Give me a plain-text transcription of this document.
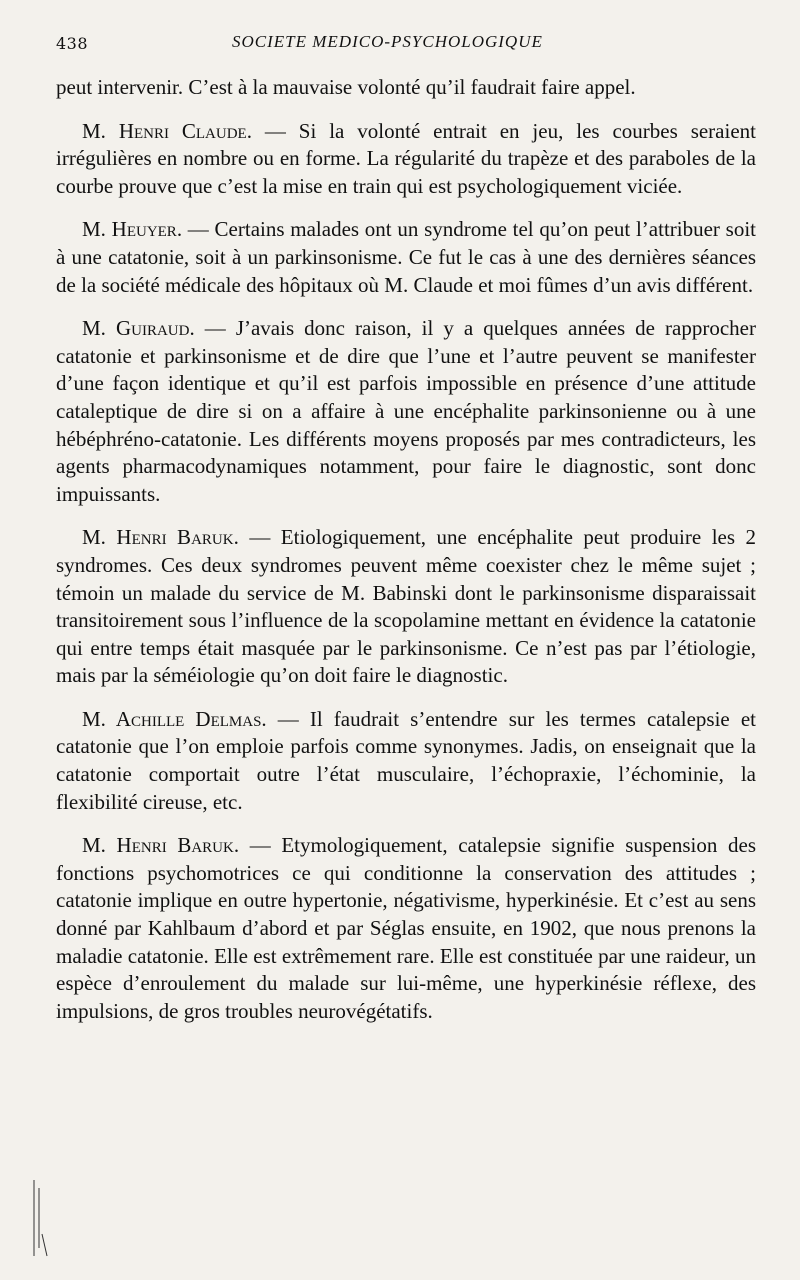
438	SOCIETE MEDICO-PSYCHOLOGIQUE

peut intervenir. C’est à la mauvaise volonté qu’il faudrait faire appel.

M. Henri Claude. — Si la volonté entrait en jeu, les courbes seraient irrégulières en nombre ou en forme. La régularité du trapèze et des paraboles de la courbe prouve que c’est la mise en train qui est psychologiquement viciée.

M. Heuyer. — Certains malades ont un syndrome tel qu’on peut l’attribuer soit à une catatonie, soit à un parkinsonisme. Ce fut le cas à une des dernières séances de la société médicale des hôpitaux où M. Claude et moi fûmes d’un avis différent.

M. Guiraud. — J’avais donc raison, il y a quelques années de rapprocher catatonie et parkinsonisme et de dire que l’une et l’autre peuvent se manifester d’une façon identique et qu’il est parfois impossible en présence d’une attitude cataleptique de dire si on a affaire à une encéphalite parkinsonienne ou à une hébéphréno-catatonie. Les différents moyens proposés par mes contradicteurs, les agents pharmacodynamiques notamment, pour faire le diagnostic, sont donc impuissants.

M. Henri Baruk. — Etiologiquement, une encéphalite peut produire les 2 syndromes. Ces deux syndromes peuvent même coexister chez le même sujet ; témoin un malade du service de M. Babinski dont le parkinsonisme disparaissait transitoirement sous l’influence de la scopolamine mettant en évidence la catatonie qui entre temps était masquée par le parkinsonisme. Ce n’est pas par l’étiologie, mais par la séméiologie qu’on doit faire le diagnostic.

M. Achille Delmas. — Il faudrait s’entendre sur les termes catalepsie et catatonie que l’on emploie parfois comme synonymes. Jadis, on enseignait que la catatonie comportait outre l’état musculaire, l’échopraxie, l’échominie, la flexibilité cireuse, etc.

M. Henri Baruk. — Etymologiquement, catalepsie signifie suspension des fonctions psychomotrices ce qui conditionne la conservation des attitudes ; catatonie implique en outre hypertonie, négativisme, hyperkinésie. Et c’est au sens donné par Kahlbaum d’abord et par Séglas ensuite, en 1902, que nous prenons la maladie catatonie. Elle est extrêmement rare. Elle est constituée par une raideur, un espèce d’enroulement du malade sur lui-même, une hyperkinésie réflexe, des impulsions, de gros troubles neurovégétatifs.
